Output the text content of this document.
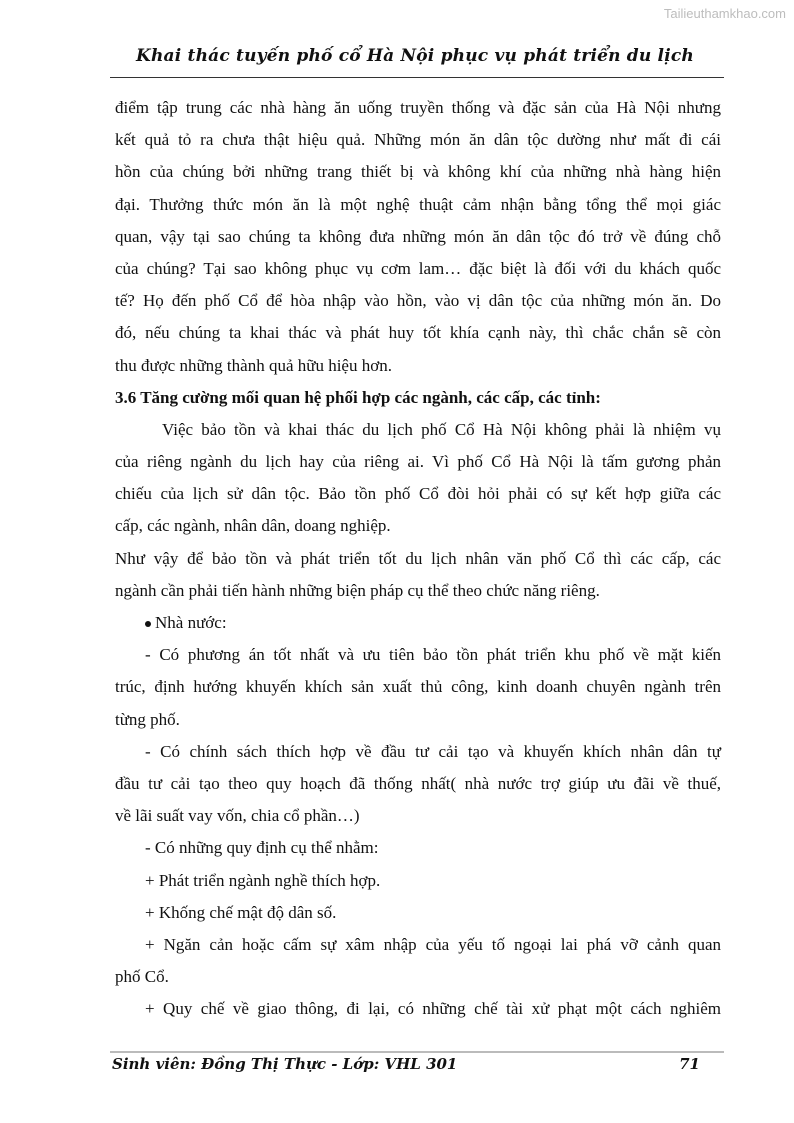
Tailieuthamkhao.com
Khai thác tuyến phố cổ Hà Nội phục vụ phát triển du lịch
điểm tập trung các nhà hàng ăn uống truyền thống và đặc sản của Hà Nội nhưng
kết quả tỏ ra chưa thật hiệu quả. Những món ăn dân tộc dường như mất đi cái
hồn của chúng bởi những trang thiết bị và không khí của những nhà hàng hiện
đại. Thưởng thức món ăn là một nghệ thuật cảm nhận bằng tổng thể mọi giác
quan, vậy tại sao chúng ta không đưa những món ăn dân tộc đó trở về đúng chỗ
của chúng? Tại sao không phục vụ cơm lam… đặc biệt là đối với du khách quốc
tế? Họ đến phố Cổ để hòa nhập vào hồn, vào vị dân tộc của những món ăn. Do
đó, nếu chúng ta khai thác và phát huy tốt khía cạnh này, thì chắc chắn sẽ còn
thu được những thành quả hữu hiệu hơn.
3.6 Tăng cường mối quan hệ phối hợp các ngành, các cấp, các tỉnh:
Việc bảo tồn và khai thác du lịch phố Cổ Hà Nội không phải là nhiệm vụ
của riêng ngành du lịch hay của riêng ai. Vì phố Cổ Hà Nội là tấm gương phản
chiếu của lịch sử dân tộc. Bảo tồn phố Cổ đòi hỏi phải có sự kết hợp giữa các
cấp, các ngành, nhân dân, doang nghiệp.
Như vậy để bảo tồn và phát triển tốt du lịch nhân văn phố Cổ thì các cấp, các
ngành cần phải tiến hành những biện pháp cụ thể theo chức năng riêng.
Nhà nước:
- Có phương án tốt nhất và ưu tiên bảo tồn phát triển khu phố về mặt kiến
trúc, định hướng khuyến khích sản xuất thủ công, kinh doanh chuyên ngành trên
từng phố.
- Có chính sách thích hợp về đầu tư cải tạo và khuyến khích nhân dân tự
đầu tư cải tạo theo quy hoạch đã thống nhất( nhà nước trợ giúp ưu đãi về thuế,
về lãi suất vay vốn, chia cổ phần…)
- Có những quy định cụ thể nhằm:
+ Phát triển ngành nghề thích hợp.
+ Khống chế mật độ dân số.
+ Ngăn cản hoặc cấm sự xâm nhập của yếu tố ngoại lai phá vỡ cảnh quan
phố Cổ.
+ Quy chế về giao thông, đi lại, có những chế tài xử phạt một cách nghiêm
Sinh viên: Đồng Thị Thực - Lớp: VHL 301	71
